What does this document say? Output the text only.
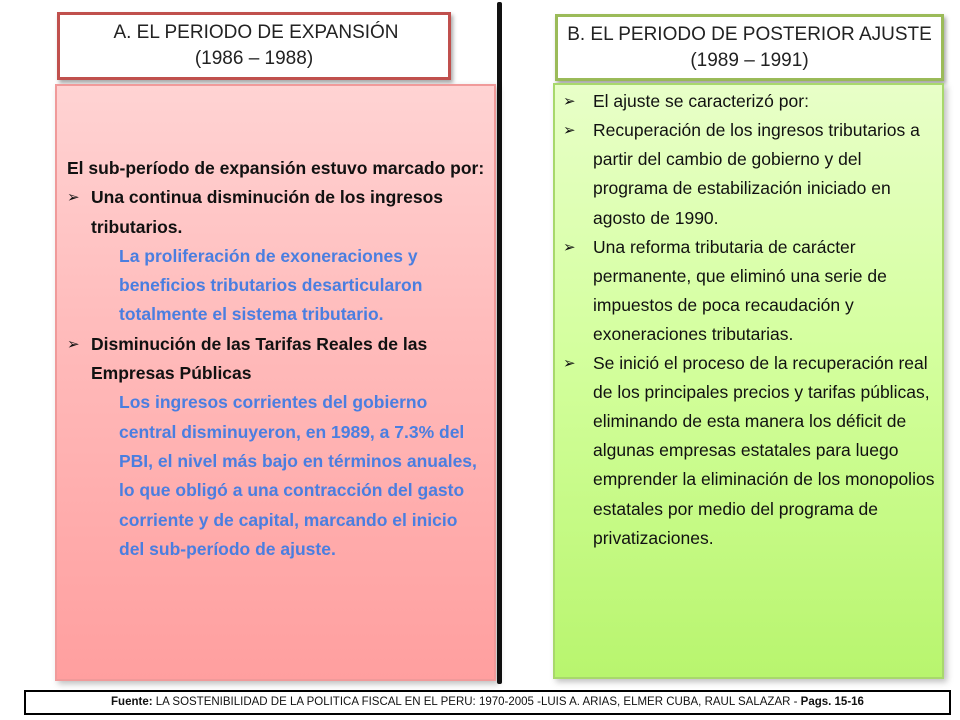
A. EL PERIODO DE EXPANSIÓN
(1986 – 1988)
B. EL PERIODO DE POSTERIOR AJUSTE
(1989 – 1991)
El sub-período de expansión estuvo marcado por:
➢ Una continua disminución de los ingresos tributarios.
La proliferación de exoneraciones y beneficios tributarios desarticularon totalmente el sistema tributario.
➢ Disminución de las Tarifas Reales de las Empresas Públicas
Los ingresos corrientes del gobierno central disminuyeron, en 1989, a 7.3% del PBI, el nivel más bajo en términos anuales, lo que obligó a una contracción del gasto corriente y de capital, marcando el inicio del sub-período de ajuste.
➢ El ajuste se caracterizó por:
➢ Recuperación de los ingresos tributarios a partir del cambio de gobierno y del programa de estabilización iniciado en agosto de 1990.
➢ Una reforma tributaria de carácter permanente, que eliminó una serie de impuestos de poca recaudación y exoneraciones tributarias.
➢ Se inició el proceso de la recuperación real de los principales precios y tarifas públicas, eliminando de esta manera los déficit de algunas empresas estatales para luego emprender la eliminación de los monopolios estatales por medio del programa de privatizaciones.
Fuente: LA SOSTENIBILIDAD DE LA POLITICA FISCAL EN EL PERU: 1970-2005 -LUIS A. ARIAS, ELMER CUBA, RAUL SALAZAR - Pags. 15-16
